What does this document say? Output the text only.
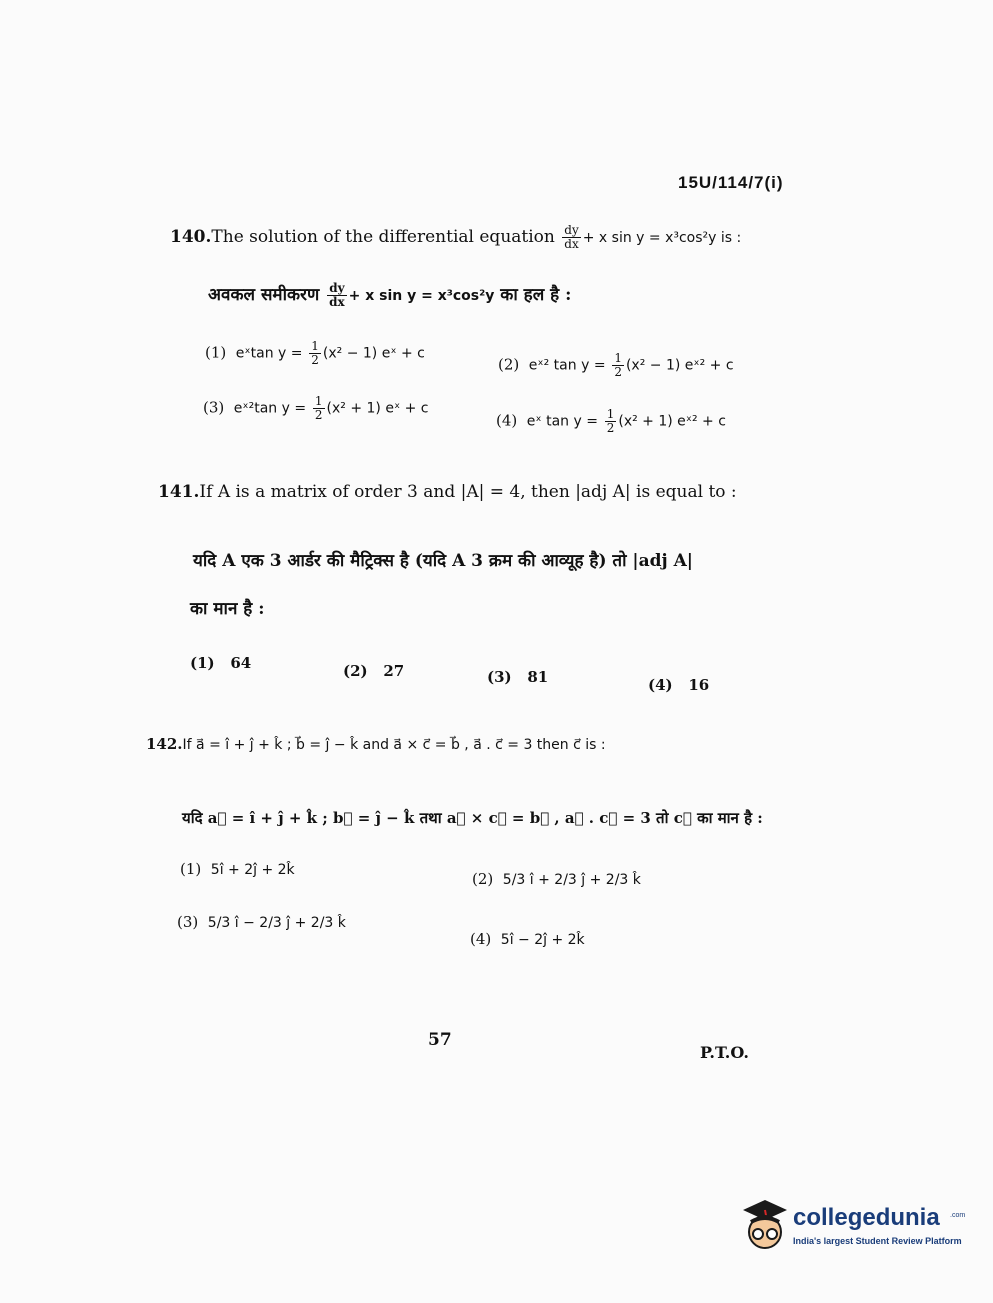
15U/114/7(i)
140.The solution of the differential equation $\frac{dy}{dx} + x$ sin y = x³cos²y is :
अवकल समीकरण $\frac{dy}{dx} + x$ sin y = x³cos²y का हल है :
(1) eˣtan $y = \frac{1}{2} (x^2 - 1)$ eˣ + c
(2) eˣ² $\tan y = \frac{1}{2} (x^2 - 1)$ eˣ² + c
(3) eˣ²tan $y = \frac{1}{2} (x^2 + 1)$ eˣ + c
(4) eˣ $\tan y = \frac{1}{2} (x^2 + 1)$ eˣ² + c
141.If A is a matrix of order 3 and |A| = 4, then |adj A| is equal to :
यदि A एक 3 आर्डर की मैट्रिक्स है (यदि A 3 क्रम की आव्यूह है) तो |adj A|
का मान है :
(1) 64	(2) 27	(3) 81	(4) 16
142.If a⃗ = î + ĵ + k̂ ; b⃗ = ĵ − k̂ and a⃗ × c⃗ = b⃗ , a⃗ . c⃗ = 3 then c⃗ is :
यदि a⃗ = î + ĵ + k̂ ; b⃗ = ĵ − k̂ तथा a⃗ × c⃗ = b⃗ , a⃗ . c⃗ = 3 तो c⃗ का मान है :
(1) 5î + 2ĵ + 2k̂	(2) 5/3 î + 2/3 ĵ + 2/3 k̂
(3) 5/3 î − 2/3 ĵ + 2/3 k̂
(4) 5î − 2ĵ + 2k̂
57
P.T.O.
collegedunia .com
India's largest Student Review Platform
